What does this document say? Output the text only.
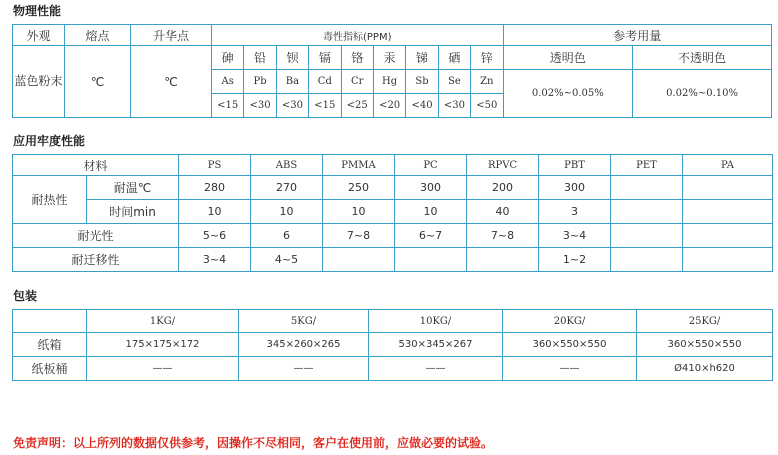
物理性能
外观	熔点	升华点	毒性指标(PPM)									参考用量	
蓝色粉末	℃	℃	砷	铅	钡	镉	铬	汞	锑	硒	锌	透明色	不透明色
			As	Pb	Ba	Cd	Cr	Hg	Sb	Se	Zn	0.02%~0.05%	0.02%~0.10%
			<15	<30	<30	<15	<25	<20	<40	<30	<50		
应用牢度性能
材料		PS	ABS	PMMA	PC	RPVC	PBT	PET	PA
耐热性	耐温℃	280	270	250	300	200	300		
	时间min	10	10	10	10	40	3		
耐光性		5~6	6	7~8	6~7	7~8	3~4		
耐迁移性		3~4	4~5				1~2		
包装
	1KG/	5KG/	10KG/	20KG/	25KG/
纸箱	175×175×172	345×260×265	530×345×267	360×550×550	360×550×550
纸板桶	——	——	——	——	Ø410×h620
免责声明：以上所列的数据仅供参考，因操作不尽相同，客户在使用前，应做必要的试验。
